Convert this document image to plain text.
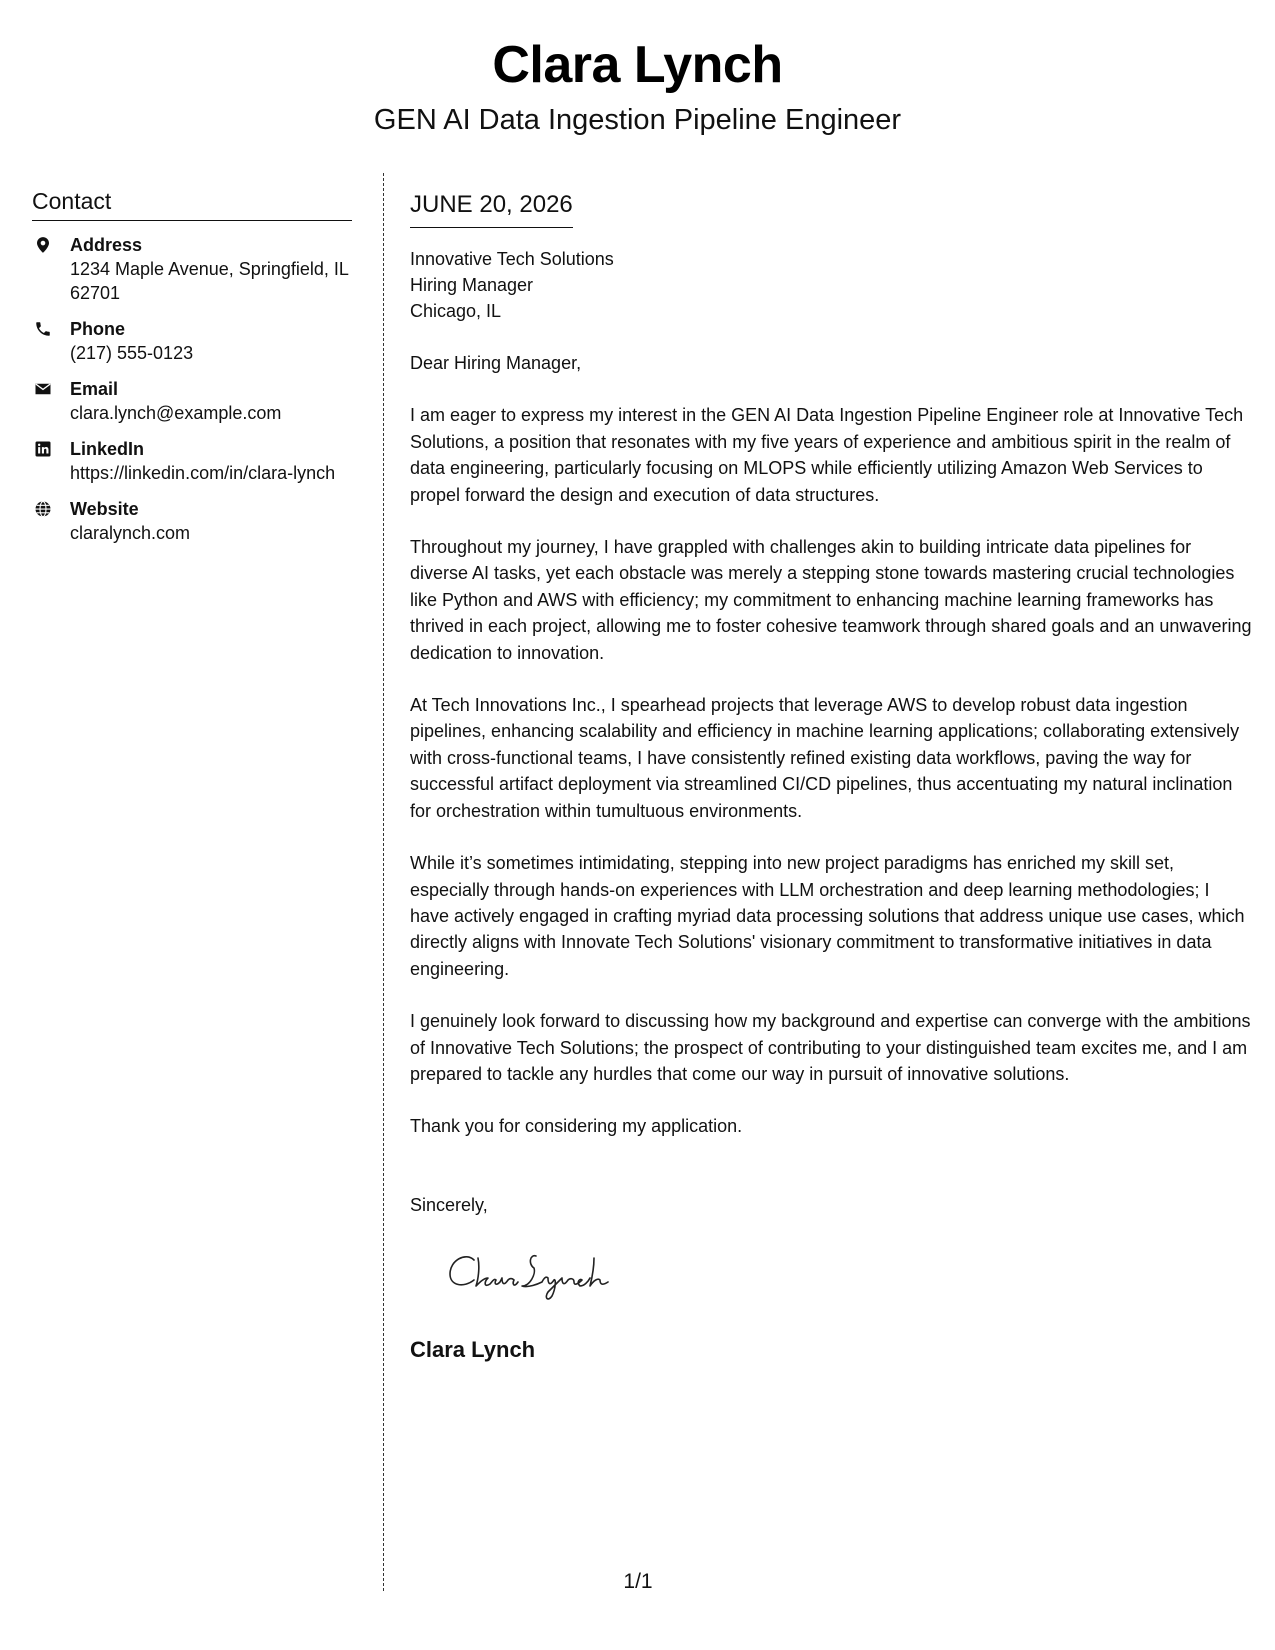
Clara Lynch
GEN AI Data Ingestion Pipeline Engineer
Contact
Address
1234 Maple Avenue, Springfield, IL 62701
Phone
(217) 555-0123
Email
clara.lynch@example.com
LinkedIn
https://linkedin.com/in/clara-lynch
Website
claralynch.com
JUNE 20, 2026
Innovative Tech Solutions
Hiring Manager
Chicago, IL

Dear Hiring Manager,

I am eager to express my interest in the GEN AI Data Ingestion Pipeline Engineer role at Innovative Tech Solutions, a position that resonates with my five years of experience and ambitious spirit in the realm of data engineering, particularly focusing on MLOPS while efficiently utilizing Amazon Web Services to propel forward the design and execution of data structures.

Throughout my journey, I have grappled with challenges akin to building intricate data pipelines for diverse AI tasks, yet each obstacle was merely a stepping stone towards mastering crucial technologies like Python and AWS with efficiency; my commitment to enhancing machine learning frameworks has thrived in each project, allowing me to foster cohesive teamwork through shared goals and an unwavering dedication to innovation.

At Tech Innovations Inc., I spearhead projects that leverage AWS to develop robust data ingestion pipelines, enhancing scalability and efficiency in machine learning applications; collaborating extensively with cross-functional teams, I have consistently refined existing data workflows, paving the way for successful artifact deployment via streamlined CI/CD pipelines, thus accentuating my natural inclination for orchestration within tumultuous environments.

While it’s sometimes intimidating, stepping into new project paradigms has enriched my skill set, especially through hands-on experiences with LLM orchestration and deep learning methodologies; I have actively engaged in crafting myriad data processing solutions that address unique use cases, which directly aligns with Innovate Tech Solutions' visionary commitment to transformative initiatives in data engineering.

I genuinely look forward to discussing how my background and expertise can converge with the ambitions of Innovative Tech Solutions; the prospect of contributing to your distinguished team excites me, and I am prepared to tackle any hurdles that come our way in pursuit of innovative solutions.

Thank you for considering my application.

Sincerely,
Clara Lynch
1/1
